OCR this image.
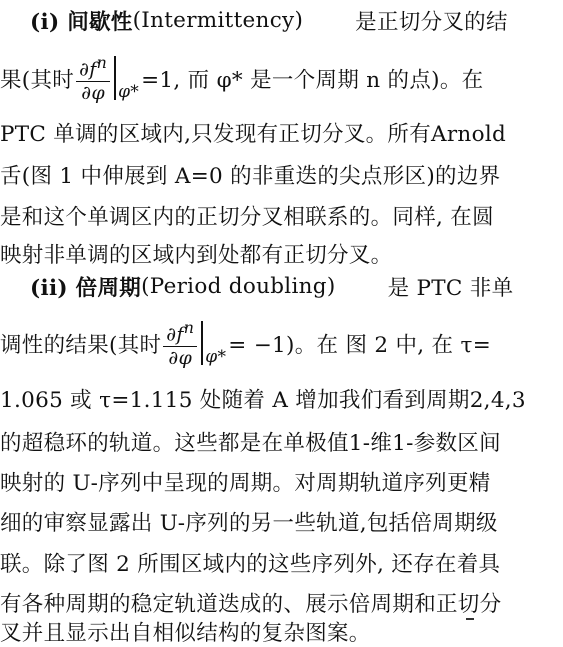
(i) 间歇性 (Intermittency) 是正切分叉的结
果(其时 $\frac{\partial f^n}{\partial\varphi} \varphi* =1$, 而 φ* 是一个周期 n 的点)。在
PTC 单调的区域内,只发现有正切分叉。所有Arnold
舌(图 1 中伸展到 A=0 的非重迭的尖点形区)的边界
是和这个单调区内的正切分叉相联系的。同样, 在圆
映射非单调的区域内到处都有正切分叉。
(ii) 倍周期 (Period doubling) 是 PTC 非单
调性的结果(其时 $\frac{\partial f^n}{\partial\varphi} \varphi* = -1$)。在 图 2 中, 在 τ=
1.065 或 τ=1.115 处随着 A 增加我们看到周期2,4,3
的超稳环的轨道。这些都是在单极值1-维1-参数区间
映射的 U-序列中呈现的周期。对周期轨道序列更精
细的审察显露出 U-序列的另一些轨道,包括倍周期级
联。除了图 2 所围区域内的这些序列外, 还存在着具
有各种周期的稳定轨道迭成的、展示倍周期和正切分
叉并且显示出自相似结构的复杂图案。
